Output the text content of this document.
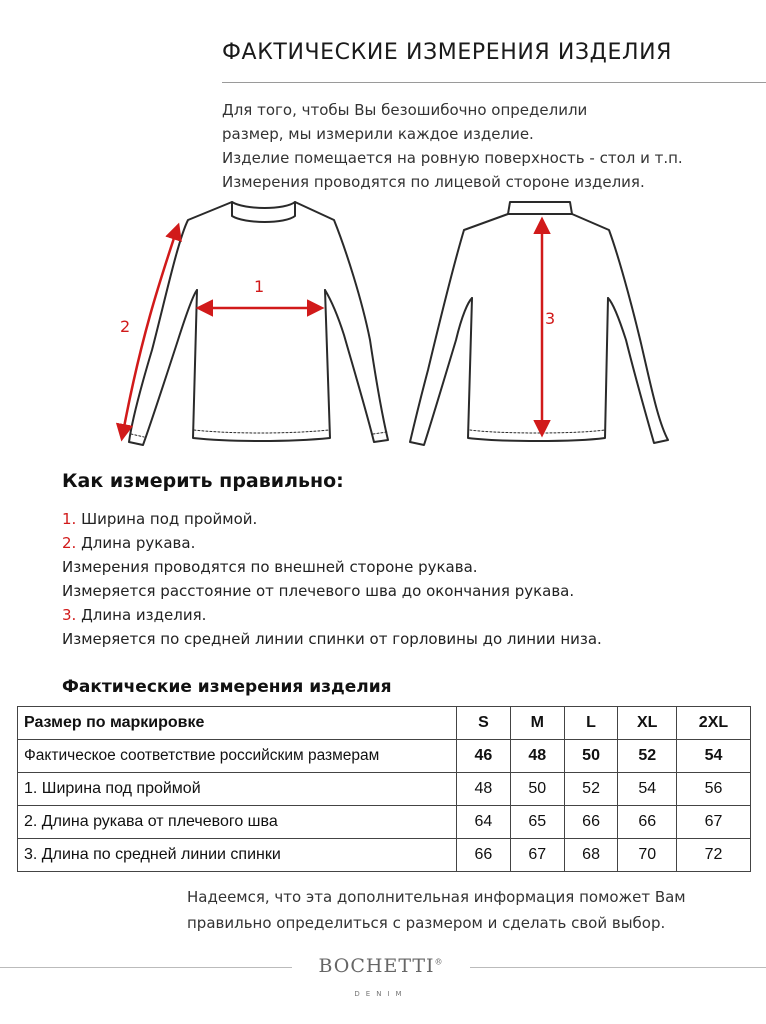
ФАКТИЧЕСКИЕ ИЗМЕРЕНИЯ ИЗДЕЛИЯ
Для того, чтобы Вы безошибочно определили
размер, мы измерили каждое изделие.
Изделие помещается на ровную поверхность - стол и т.п.
Измерения проводятся по лицевой стороне изделия.
1
2	3
Как измерить правильно:
1. Ширина под проймой.
2. Длина рукава.
Измерения проводятся по внешней стороне рукава.
Измеряется расстояние от плечевого шва до окончания рукава.
3. Длина изделия.
Измеряется по средней линии спинки от горловины до линии низа.
Фактические измерения изделия
Размер по маркировке	S	M	L	XL	2XL
Фактическое соответствие российским размерам	46	48	50	52	54
1. Ширина под проймой	48	50	52	54	56
2. Длина рукава от плечевого шва	64	65	66	66	67
3. Длина по средней линии спинки	66	67	68	70	72
Надеемся, что эта дополнительная информация поможет Вам
правильно определиться с размером и сделать свой выбор.
BOCHETTI®
DENIM
